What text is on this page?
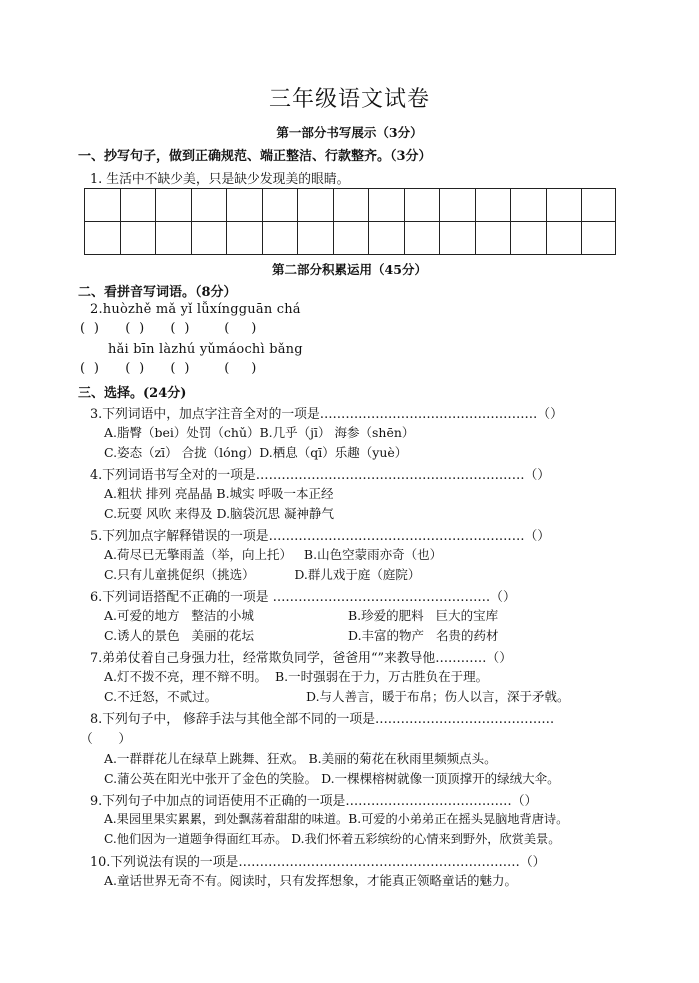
三年级语文试卷
第一部分书写展示（3分）
一、抄写句子，做到正确规范、端正整洁、行款整齐。（3分）
1. 生活中不缺少美，只是缺少发现美的眼睛。
第二部分积累运用（45分）
二、看拼音写词语。（8分）
2.huòzhě mǎ yǐ lǚxíngguān chá
(  )      (  )      (  )        (     )
hǎi bīn làzhú yǔmáochì bǎng
(  )      (  )      (  )        (     )
三、选择。(24分)
3.下列词语中，加点字注音全对的一项是……………………………………………（）
A.脂臀（bei）处罚（chǔ）B.几乎（jī） 海参（shēn）
C.姿态（zī） 合拢（lóng）D.栖息（qī）乐趣（yuè）
4.下列词语书写全对的一项是………………………………………………………（）
A.粗状 排列 亮晶晶 B.城实 呼吸一本正经
C.玩耍 风吹 来得及 D.脑袋沉思 凝神静气
5.下列加点字解释错误的一项是……………………………………………………（）
A.荷尽已无擎雨盖（举，向上托）   B.山色空蒙雨亦奇（也）
C.只有儿童挑促织（挑选）          D.群儿戏于庭（庭院）
6.下列词语搭配不正确的一项是 ……………………………………………（）
A.可爱的地方   整洁的小城	B.珍爱的肥料   巨大的宝库
C.诱人的景色   美丽的花坛	D.丰富的物产   名贵的药材
7.弟弟仗着自己身强力壮，经常欺负同学，爸爸用“”来教导他…………（）
A.灯不拨不亮，理不辩不明。  B.一时强弱在于力，万古胜负在于理。
C.不迁怒，不贰过。	D.与人善言，暖于布帛；伤人以言，深于矛戟。
8.下列句子中， 修辞手法与其他全部不同的一项是……………………………………
（　　）
A.一群群花儿在绿草上跳舞、狂欢。 B.美丽的菊花在秋雨里频频点头。
C.蒲公英在阳光中张开了金色的笑脸。 D.一棵棵榕树就像一顶顶撑开的绿绒大伞。
9.下列句子中加点的词语使用不正确的一项是…………………………………（）
A.果园里果实累累，到处飘荡着甜甜的味道。B.可爱的小弟弟正在摇头晃脑地背唐诗。
C.他们因为一道题争得面红耳赤。 D.我们怀着五彩缤纷的心情来到野外，欣赏美景。
10.下列说法有误的一项是…………………………………………………………（）
A.童话世界无奇不有。阅读时，只有发挥想象，才能真正领略童话的魅力。
